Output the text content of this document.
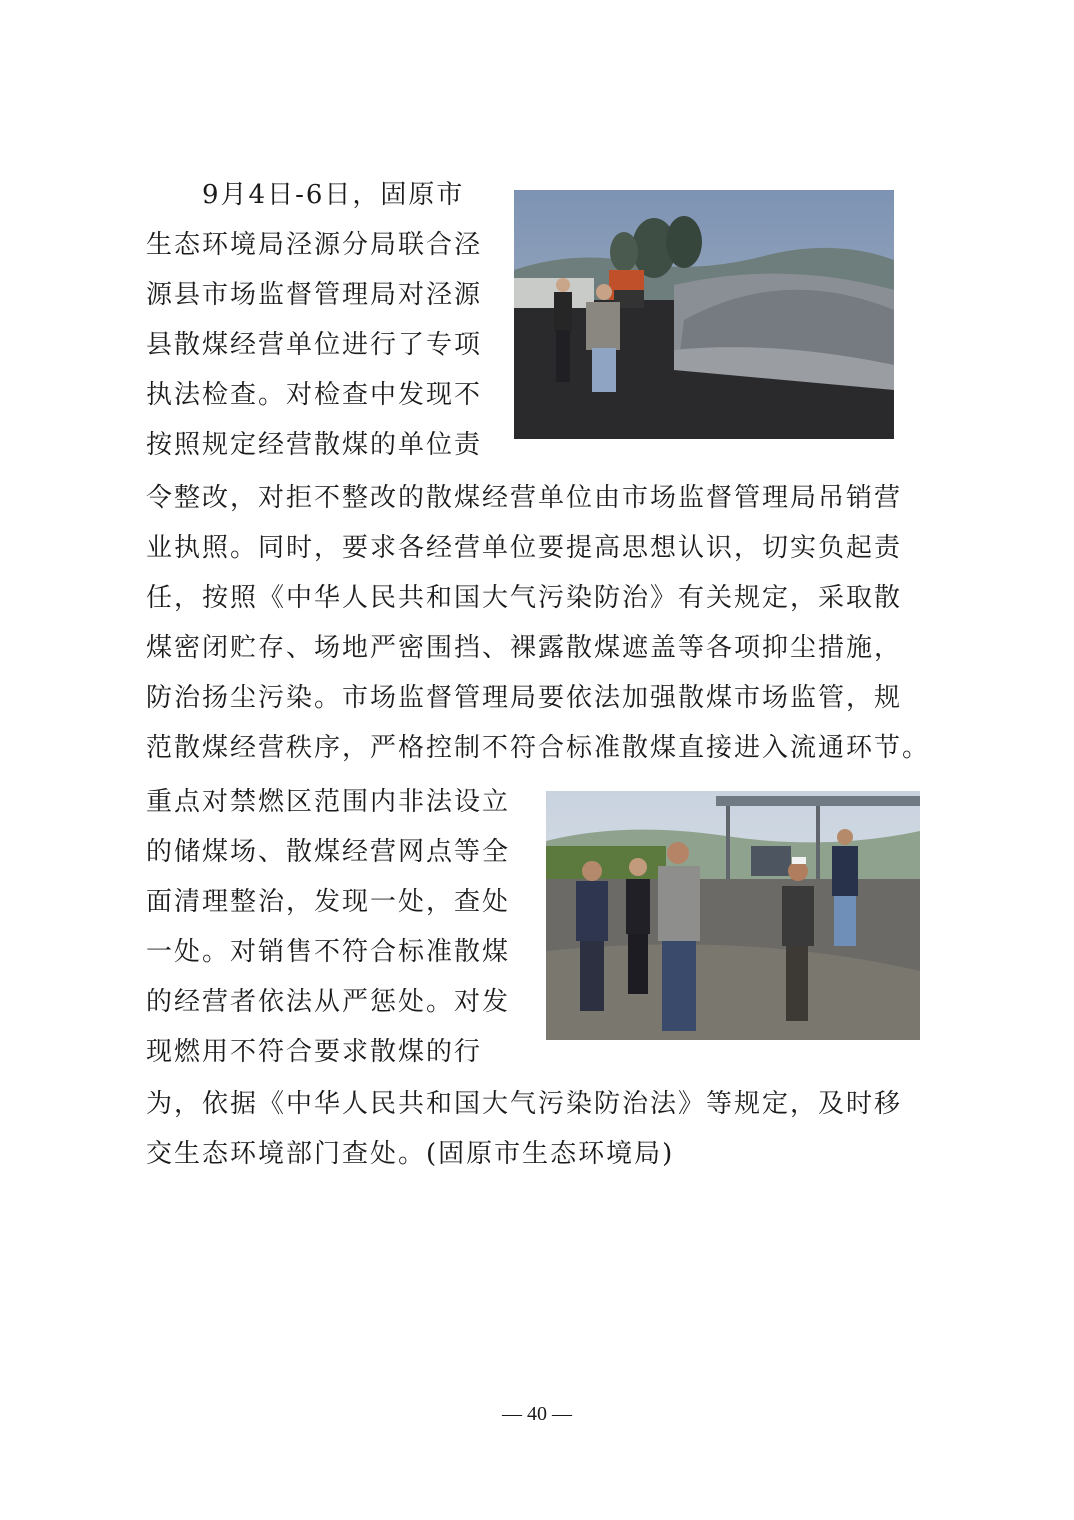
9月4日-6日，固原市
生态环境局泾源分局联合泾
源县市场监督管理局对泾源
县散煤经营单位进行了专项
执法检查。对检查中发现不
按照规定经营散煤的单位责
令整改，对拒不整改的散煤经营单位由市场监督管理局吊销营
业执照。同时，要求各经营单位要提高思想认识，切实负起责
任，按照《中华人民共和国大气污染防治》有关规定，采取散
煤密闭贮存、场地严密围挡、裸露散煤遮盖等各项抑尘措施，
防治扬尘污染。市场监督管理局要依法加强散煤市场监管，规
范散煤经营秩序，严格控制不符合标准散煤直接进入流通环节。
重点对禁燃区范围内非法设立
的储煤场、散煤经营网点等全
面清理整治，发现一处，查处
一处。对销售不符合标准散煤
的经营者依法从严惩处。对发
现燃用不符合要求散煤的行
为，依据《中华人民共和国大气污染防治法》等规定，及时移
交生态环境部门查处。(固原市生态环境局)
— 40 —
